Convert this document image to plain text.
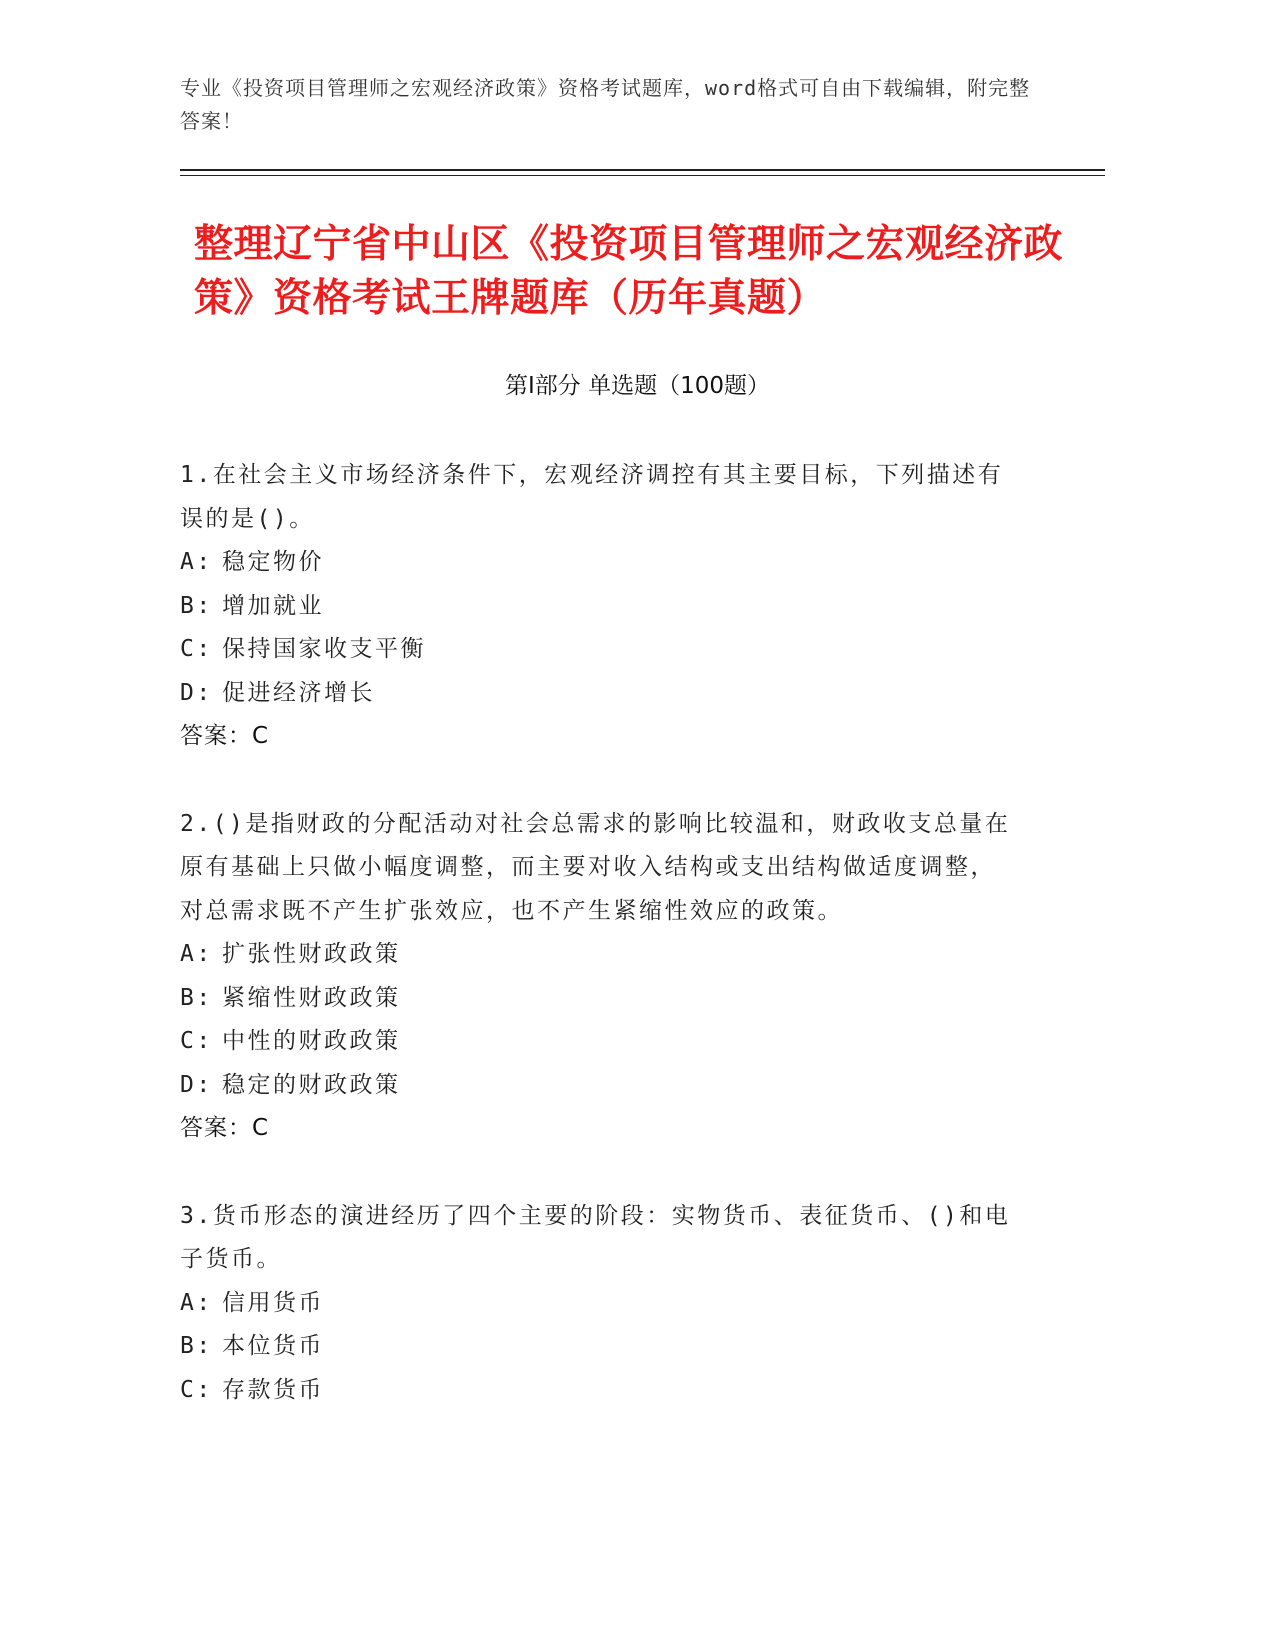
专业《投资项目管理师之宏观经济政策》资格考试题库，word格式可自由下载编辑，附完整答案！
整理辽宁省中山区《投资项目管理师之宏观经济政策》资格考试王牌题库（历年真题）
第Ⅰ部分 单选题（100题）
1.在社会主义市场经济条件下，宏观经济调控有其主要目标，下列描述有误的是()。
A: 稳定物价
B: 增加就业
C: 保持国家收支平衡
D: 促进经济增长
答案：C
2.()是指财政的分配活动对社会总需求的影响比较温和，财政收支总量在原有基础上只做小幅度调整，而主要对收入结构或支出结构做适度调整，对总需求既不产生扩张效应，也不产生紧缩性效应的政策。
A: 扩张性财政政策
B: 紧缩性财政政策
C: 中性的财政政策
D: 稳定的财政政策
答案：C
3.货币形态的演进经历了四个主要的阶段：实物货币、表征货币、()和电子货币。
A: 信用货币
B: 本位货币
C: 存款货币
